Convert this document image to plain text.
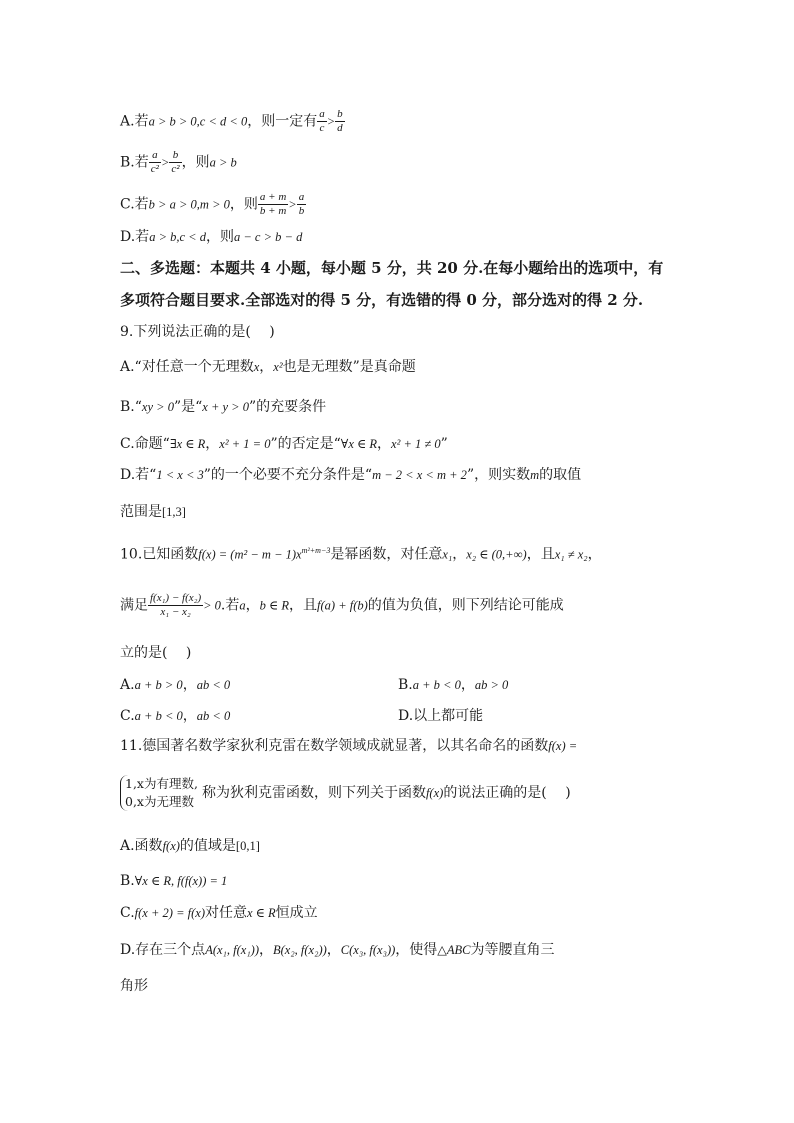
A.若a > b > 0,c < d < 0，则一定有 $\frac{a}{c} > \frac{b}{d}$
B.若 $\frac{a}{\text{c²}} > \frac{b}{\text{c²}}$ ，则a > b
C.若b > a > 0,m > 0，则 $\frac{a + m}{b + m} > \frac{a}{b}$
D.若a > b,c < d，则a − c > b − d
二、多选题：本题共 4 小题，每小题 5 分，共 20 分.在每小题给出的选项中，有
多项符合题目要求.全部选对的得 5 分，有选错的得 0 分，部分选对的得 2 分.
9.下列说法正确的是(　 )
A.“对任意一个无理数x，x²也是无理数”是真命题
B.“xy > 0”是“x + y > 0”的充要条件
C.命题“∃x ∈ R，x² + 1 = 0”的否定是“∀x ∈ R，x² + 1 ≠ 0”
D.若“1 < x < 3”的一个必要不充分条件是“m − 2 < x < m + 2”，则实数m的取值
范围是[1,3]
10.已知函数$f(x) = (m^2 - m - 1)x^{m^2+m-3}$是幂函数，对任意x₁，x₂ ∈ (0,+∞)，且x₁ ≠ x₂，
满足 $\frac{\text{f(x₁) − f(x₂)}}{\text{x₁ − x₂}} > 0$.若a，b ∈ R，且f(a) + f(b)的值为负值，则下列结论可能成
立的是(　 )
A.a + b > 0，ab < 0	B.a + b < 0，ab > 0
C.a + b < 0，ab < 0	D.以上都可能
11.德国著名数学家狄利克雷在数学领域成就显著，以其名命名的函数f(x) =
1,x为有理数,
0,x为无理数
称为狄利克雷函数，则下列关于函数f(x)的说法正确的是(　 )
A.函数f(x)的值域是[0,1]
B.∀x ∈ R, f(f(x)) = 1
C.f(x + 2) = f(x)对任意x ∈ R恒成立
D.存在三个点A(x₁, f(x₁))，B(x₂, f(x₂))，C(x₃, f(x₃))，使得△ABC为等腰直角三
角形
